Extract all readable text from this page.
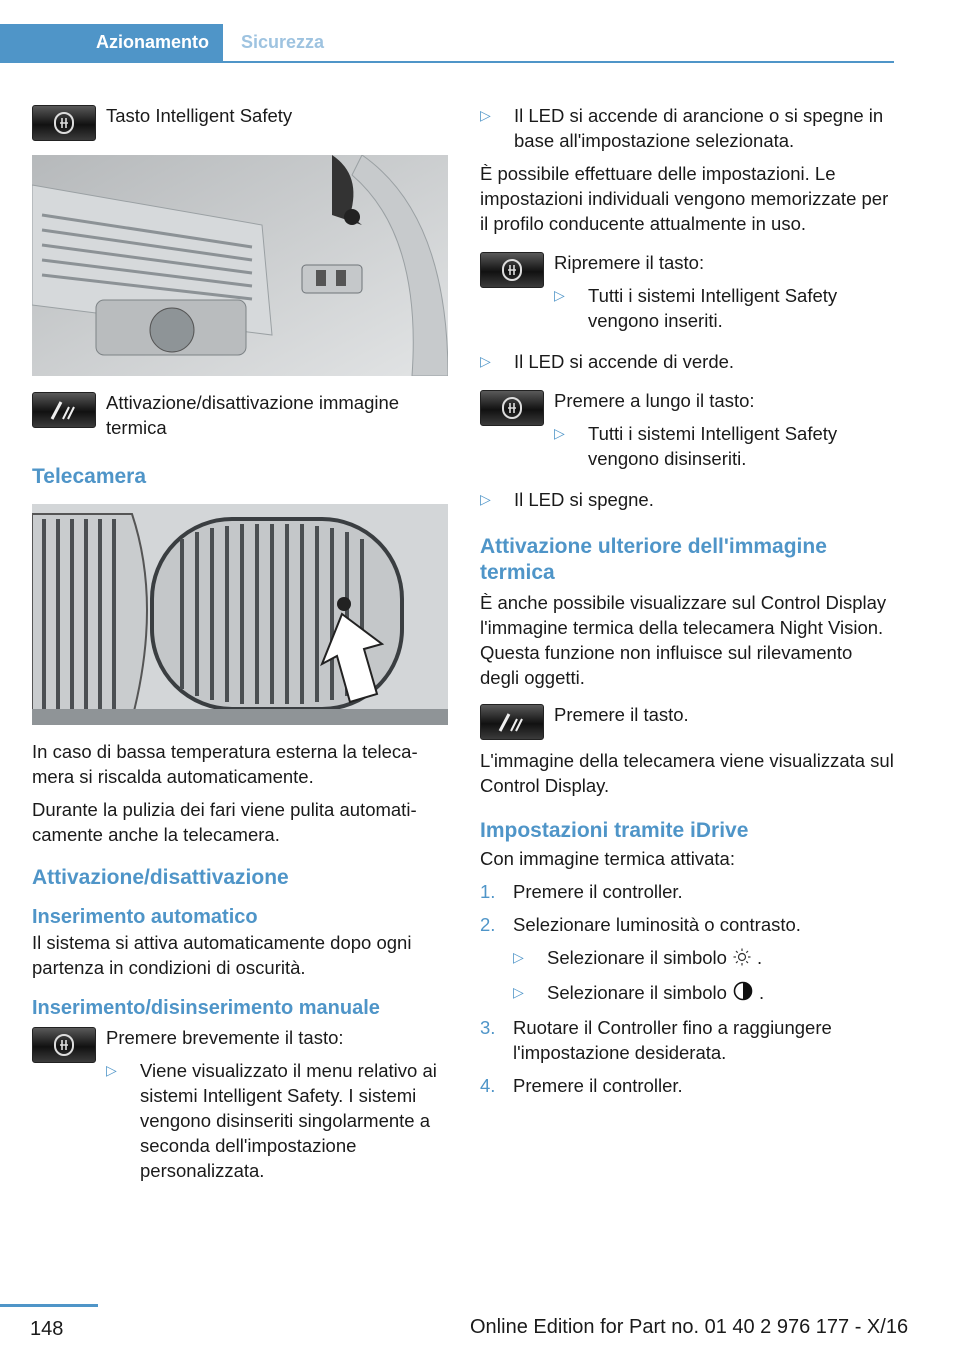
Azionamento	Sicurezza
Tasto Intelligent Safety
Attivazione/disattivazione immagine termica
Telecamera

In caso di bassa temperatura esterna la telecamera si riscalda automaticamente.

Durante la pulizia dei fari viene pulita automaticamente anche la telecamera.

Attivazione/disattivazione
Inserimento automatico

Il sistema si attiva automaticamente dopo ogni partenza in condizioni di oscurità.

Inserimento/disinserimento manuale
Premere brevemente il tasto:
▷	Viene visualizzato il menu relativo ai sistemi Intelligent Safety. I sistemi vengono disinseriti singolarmente a seconda dell'impostazione personalizzata.
▷	Il LED si accende di arancione o si spegne in base all'impostazione selezionata.

È possibile effettuare delle impostazioni. Le impostazioni individuali vengono memorizzate per il profilo conducente attualmente in uso.

Ripremere il tasto:
▷	Tutti i sistemi Intelligent Safety vengono inseriti.
▷	Il LED si accende di verde.
Premere a lungo il tasto:
▷	Tutti i sistemi Intelligent Safety vengono disinseriti.
▷	Il LED si spegne.
Attivazione ulteriore dell'immagine termica

È anche possibile visualizzare sul Control Display l'immagine termica della telecamera Night Vision. Questa funzione non influisce sul rilevamento degli oggetti.

Premere il tasto.

L'immagine della telecamera viene visualizzata sul Control Display.

Impostazioni tramite iDrive

Con immagine termica attivata:

1. Premere il controller.
2. Selezionare luminosità o contrasto.
▷	Selezionare il simbolo .
▷	Selezionare il simbolo .
3. Ruotare il Controller fino a raggiungere l'impostazione desiderata.
4. Premere il controller.
148	Online Edition for Part no. 01 40 2 976 177 - X/16
